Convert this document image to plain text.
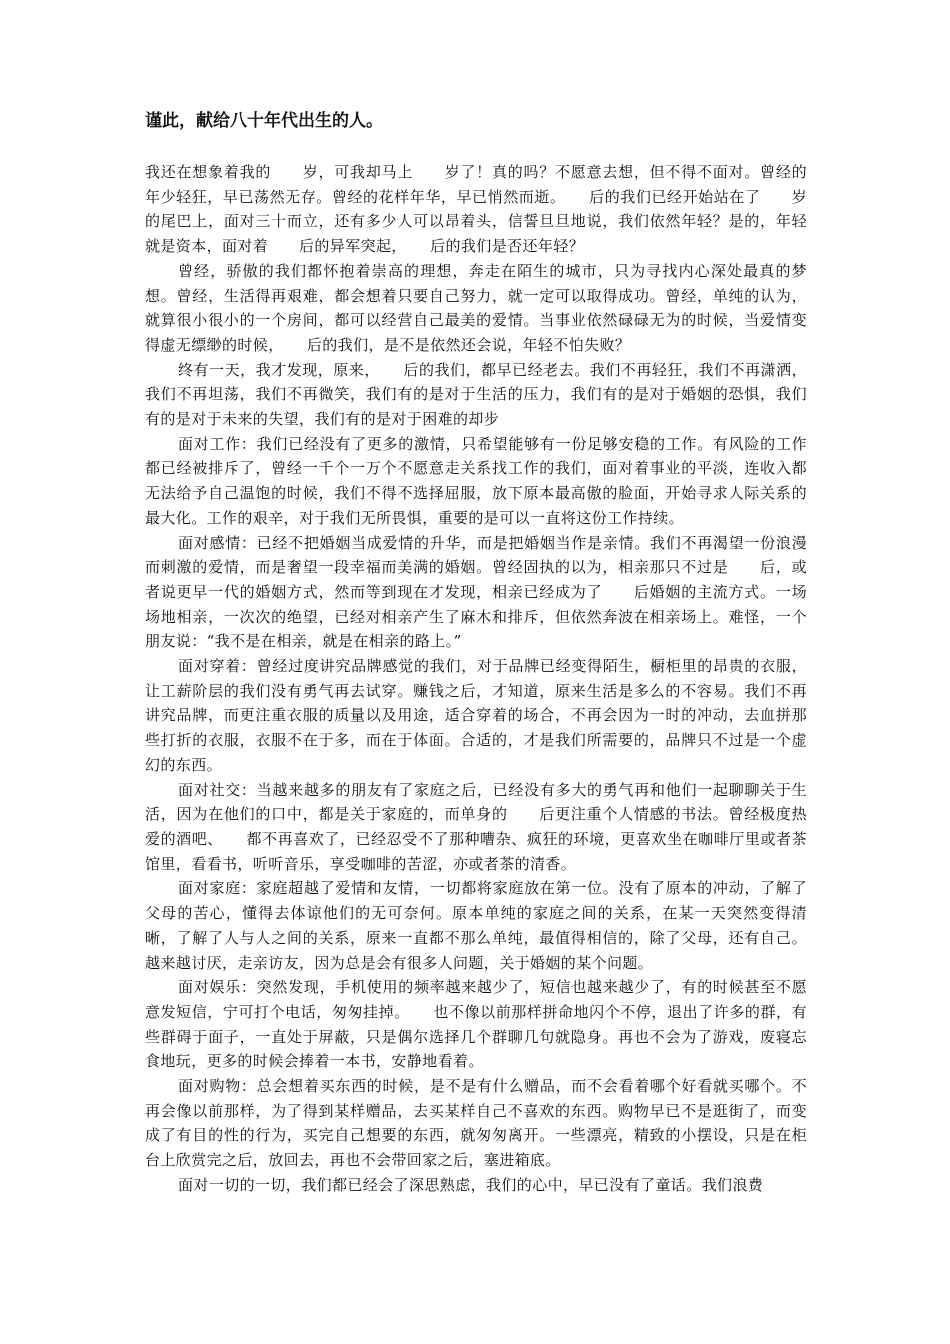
谨此，献给八十年代出生的人。

我还在想象着我的　　岁，可我却马上　　岁了！真的吗？不愿意去想，但不得不面对。曾经的年少轻狂，早已荡然无存。曾经的花样年华，早已悄然而逝。　　后的我们已经开始站在了　　岁的尾巴上，面对三十而立，还有多少人可以昂着头，信誓旦旦地说，我们依然年轻？是的，年轻就是资本，面对着　　后的异军突起，　　后的我们是否还年轻？

曾经，骄傲的我们都怀抱着崇高的理想，奔走在陌生的城市，只为寻找内心深处最真的梦想。曾经，生活得再艰难，都会想着只要自己努力，就一定可以取得成功。曾经，单纯的认为，就算很小很小的一个房间，都可以经营自己最美的爱情。当事业依然碌碌无为的时候，当爱情变得虚无缥缈的时候，　　后的我们，是不是依然还会说，年轻不怕失败？

终有一天，我才发现，原来，　　后的我们，都早已经老去。我们不再轻狂，我们不再潇洒，我们不再坦荡，我们不再微笑，我们有的是对于生活的压力，我们有的是对于婚姻的恐惧，我们有的是对于未来的失望，我们有的是对于困难的却步

面对工作：我们已经没有了更多的激情，只希望能够有一份足够安稳的工作。有风险的工作都已经被排斥了，曾经一千个一万个不愿意走关系找工作的我们，面对着事业的平淡，连收入都无法给予自己温饱的时候，我们不得不选择屈服，放下原本最高傲的脸面，开始寻求人际关系的最大化。工作的艰辛，对于我们无所畏惧，重要的是可以一直将这份工作持续。

面对感情：已经不把婚姻当成爱情的升华，而是把婚姻当作是亲情。我们不再渴望一份浪漫而刺激的爱情，而是奢望一段幸福而美满的婚姻。曾经固执的以为，相亲那只不过是　　后，或者说更早一代的婚姻方式，然而等到现在才发现，相亲已经成为了　　后婚姻的主流方式。一场场地相亲，一次次的绝望，已经对相亲产生了麻木和排斥，但依然奔波在相亲场上。难怪，一个朋友说：“我不是在相亲，就是在相亲的路上。”

面对穿着：曾经过度讲究品牌感觉的我们，对于品牌已经变得陌生，橱柜里的昂贵的衣服，让工薪阶层的我们没有勇气再去试穿。赚钱之后，才知道，原来生活是多么的不容易。我们不再讲究品牌，而更注重衣服的质量以及用途，适合穿着的场合，不再会因为一时的冲动，去血拼那些打折的衣服，衣服不在于多，而在于体面。合适的，才是我们所需要的，品牌只不过是一个虚幻的东西。

面对社交：当越来越多的朋友有了家庭之后，已经没有多大的勇气再和他们一起聊聊关于生活，因为在他们的口中，都是关于家庭的，而单身的　　后更注重个人情感的书法。曾经极度热爱的酒吧、　　都不再喜欢了，已经忍受不了那种嘈杂、疯狂的环境，更喜欢坐在咖啡厅里或者茶馆里，看看书，听听音乐，享受咖啡的苦涩，亦或者茶的清香。

面对家庭：家庭超越了爱情和友情，一切都将家庭放在第一位。没有了原本的冲动，了解了父母的苦心，懂得去体谅他们的无可奈何。原本单纯的家庭之间的关系，在某一天突然变得清晰，了解了人与人之间的关系，原来一直都不那么单纯，最值得相信的，除了父母，还有自己。越来越讨厌，走亲访友，因为总是会有很多人问题，关于婚姻的某个问题。

面对娱乐：突然发现，手机使用的频率越来越少了，短信也越来越少了，有的时候甚至不愿意发短信，宁可打个电话，匆匆挂掉。　　也不像以前那样拼命地闪个不停，退出了许多的群，有些群碍于面子，一直处于屏蔽，只是偶尔选择几个群聊几句就隐身。再也不会为了游戏，废寝忘食地玩，更多的时候会捧着一本书，安静地看着。

面对购物：总会想着买东西的时候，是不是有什么赠品，而不会看着哪个好看就买哪个。不再会像以前那样，为了得到某样赠品，去买某样自己不喜欢的东西。购物早已不是逛街了，而变成了有目的性的行为，买完自己想要的东西，就匆匆离开。一些漂亮，精致的小摆设，只是在柜台上欣赏完之后，放回去，再也不会带回家之后，塞进箱底。

面对一切的一切，我们都已经会了深思熟虑，我们的心中，早已没有了童话。我们浪费
